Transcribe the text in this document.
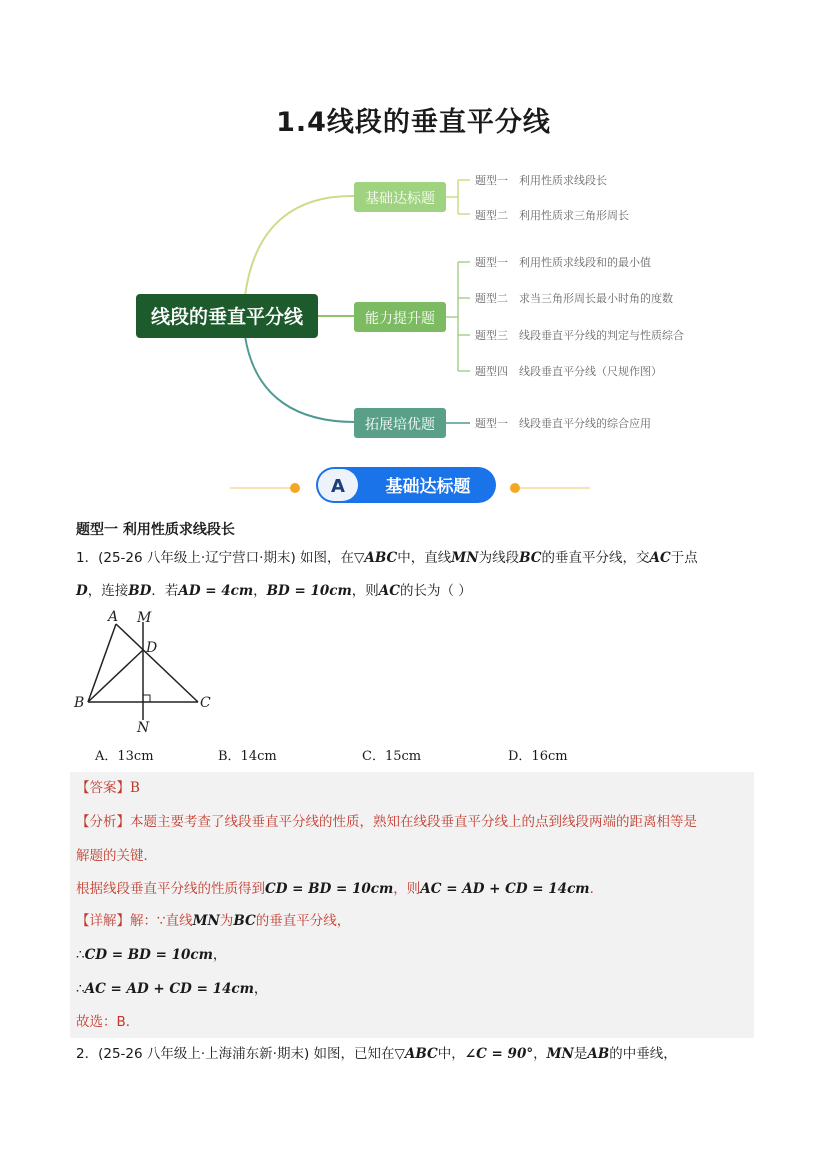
1.4线段的垂直平分线
线段的垂直平分线
基础达标题
题型一 利用性质求线段长
题型二 利用性质求三角形周长
能力提升题
题型一 利用性质求线段和的最小值
题型二 求当三角形周长最小时角的度数
题型三 线段垂直平分线的判定与性质综合
题型四 线段垂直平分线（尺规作图）
拓展培优题	题型一 线段垂直平分线的综合应用
A 基础达标题
题型一 利用性质求线段长
1．(25-26 八年级上·辽宁营口·期末) 如图，在▽ABC中，直线MN为线段BC的垂直平分线，交AC于点
D，连接BD．若AD = 4cm，BD = 10cm，则AC的长为（ ）
A M
D
B	C
N
A．13cm	B．14cm	C．15cm	D．16cm
【答案】B
【分析】本题主要考查了线段垂直平分线的性质，熟知在线段垂直平分线上的点到线段两端的距离相等是
解题的关键．
根据线段垂直平分线的性质得到CD = BD = 10cm，则AC = AD + CD = 14cm．
【详解】解：∵直线MN为BC的垂直平分线，
∴CD = BD = 10cm，
∴AC = AD + CD = 14cm，
故选：B．
2．(25-26 八年级上·上海浦东新·期末) 如图，已知在▽ABC中，∠C = 90°，MN是AB的中垂线，
